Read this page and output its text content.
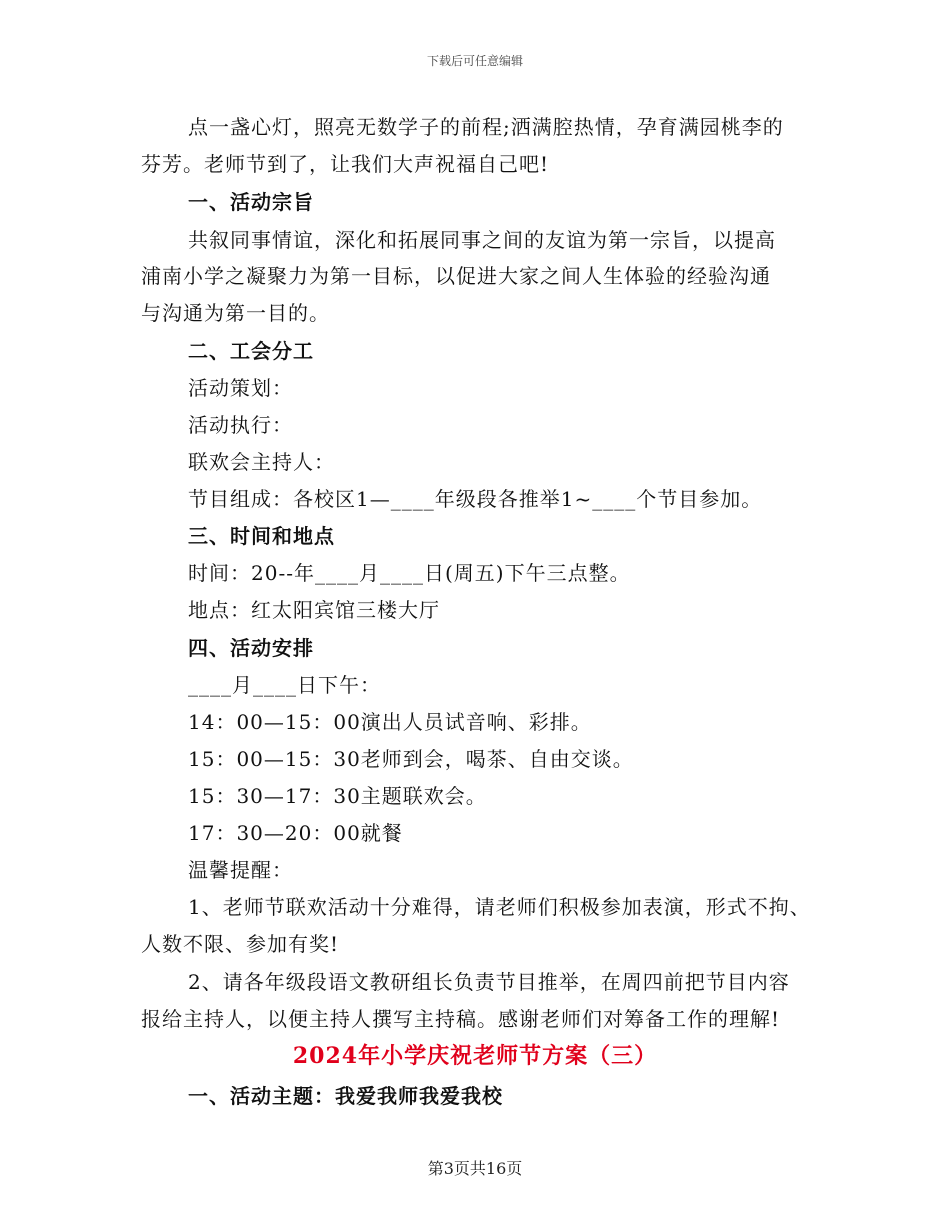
下载后可任意编辑
点一盏心灯，照亮无数学子的前程;洒满腔热情，孕育满园桃李的
芬芳。老师节到了，让我们大声祝福自己吧!
一、活动宗旨
共叙同事情谊，深化和拓展同事之间的友谊为第一宗旨，以提高
浦南小学之凝聚力为第一目标，以促进大家之间人生体验的经验沟通
与沟通为第一目的。
二、工会分工
活动策划：
活动执行：
联欢会主持人：
节目组成：各校区1—____年级段各推举1~____个节目参加。
三、时间和地点
时间：20--年____月____日(周五)下午三点整。
地点：红太阳宾馆三楼大厅
四、活动安排
____月____日下午：
14：00—15：00演出人员试音响、彩排。
15：00—15：30老师到会，喝茶、自由交谈。
15：30—17：30主题联欢会。
17：30—20：00就餐
温馨提醒：
1、老师节联欢活动十分难得，请老师们积极参加表演，形式不拘、
人数不限、参加有奖!
2、请各年级段语文教研组长负责节目推举，在周四前把节目内容
报给主持人，以便主持人撰写主持稿。感谢老师们对筹备工作的理解!
2024年小学庆祝老师节方案（三）
一、活动主题：我爱我师我爱我校
第3页共16页
